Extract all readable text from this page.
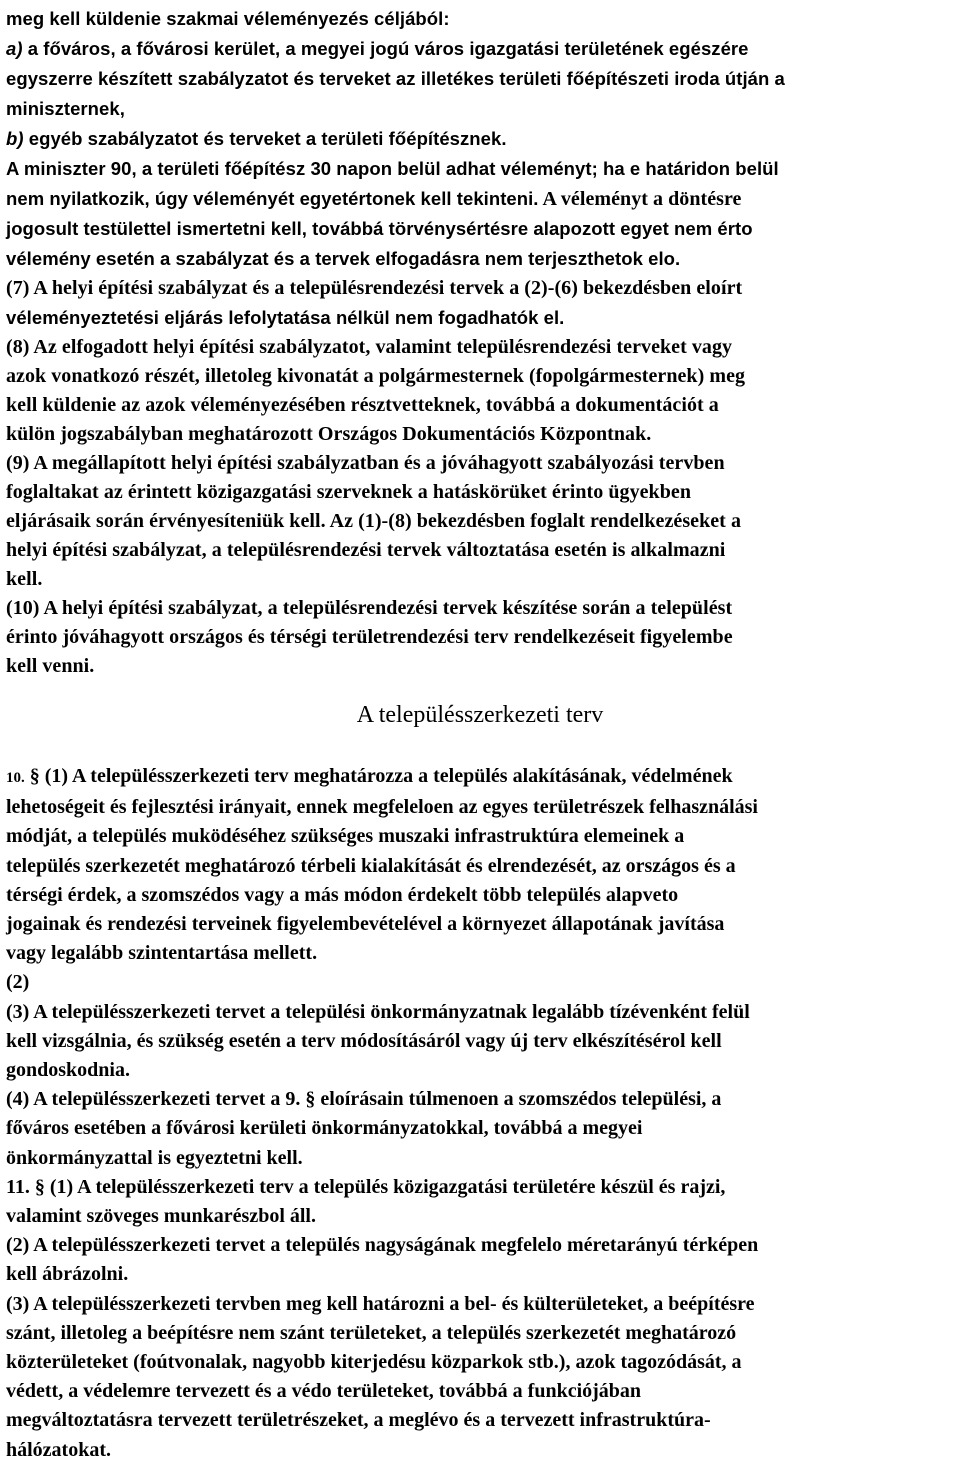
meg kell küldenie szakmai véleményezés céljából:

a) a főváros, a fővárosi kerület, a megyei jogú város igazgatási területének egészére

egyszerre készített szabályzatot és terveket az illetékes területi főépítészeti iroda útján a

miniszternek,

b) egyéb szabályzatot és terveket a területi főépítésznek.

A miniszter 90, a területi főépítész 30 napon belül adhat véleményt; ha e határidon belül

nem nyilatkozik, úgy véleményét egyetértonek kell tekinteni. A véleményt a döntésre

jogosult testülettel ismertetni kell, továbbá törvénysértésre alapozott egyet nem érto

vélemény esetén a szabályzat és a tervek elfogadásra nem terjeszthetok elo.

(7) A helyi építési szabályzat és a településrendezési tervek a (2)-(6) bekezdésben eloírt

véleményeztetési eljárás lefolytatása nélkül nem fogadhatók el.

(8) Az elfogadott helyi építési szabályzatot, valamint településrendezési terveket vagy

azok vonatkozó részét, illetoleg kivonatát a polgármesternek (fopolgármesternek) meg

kell küldenie az azok véleményezésében résztvetteknek, továbbá a dokumentációt a

külön jogszabályban meghatározott Országos Dokumentációs Központnak.

(9) A megállapított helyi építési szabályzatban és a jóváhagyott szabályozási tervben

foglaltakat az érintett közigazgatási szerveknek a hatáskörüket érinto ügyekben

eljárásaik során érvényesíteniük kell. Az (1)-(8) bekezdésben foglalt rendelkezéseket a

helyi építési szabályzat, a településrendezési tervek változtatása esetén is alkalmazni

kell.

(10) A helyi építési szabályzat, a településrendezési tervek készítése során a települést

érinto jóváhagyott országos és térségi területrendezési terv rendelkezéseit figyelembe

kell venni.

A településszerkezeti terv

10. § (1) A településszerkezeti terv meghatározza a település alakításának, védelmének

lehetoségeit és fejlesztési irányait, ennek megfeleloen az egyes területrészek felhasználási

módját, a település muködéséhez szükséges muszaki infrastruktúra elemeinek a

település szerkezetét meghatározó térbeli kialakítását és elrendezését, az országos és a

térségi érdek, a szomszédos vagy a más módon érdekelt több település alapveto

jogainak és rendezési terveinek figyelembevételével a környezet állapotának javítása

vagy legalább szintentartása mellett.

(2)

(3) A településszerkezeti tervet a települési önkormányzatnak legalább tízévenként felül

kell vizsgálnia, és szükség esetén a terv módosításáról vagy új terv elkészítésérol kell

gondoskodnia.

(4) A településszerkezeti tervet a 9. § eloírásain túlmenoen a szomszédos települési, a

főváros esetében a fővárosi kerületi önkormányzatokkal, továbbá a megyei

önkormányzattal is egyeztetni kell.

11. § (1) A településszerkezeti terv a település közigazgatási területére készül és rajzi,

valamint szöveges munkarészbol áll.

(2) A településszerkezeti tervet a település nagyságának megfelelo méretarányú térképen

kell ábrázolni.

(3) A településszerkezeti tervben meg kell határozni a bel- és külterületeket, a beépítésre

szánt, illetoleg a beépítésre nem szánt területeket, a település szerkezetét meghatározó

közterületeket (foútvonalak, nagyobb kiterjedésu közparkok stb.), azok tagozódását, a

védett, a védelemre tervezett és a védo területeket, továbbá a funkciójában

megváltoztatásra tervezett területrészeket, a meglévo és a tervezett infrastruktúra-

hálózatokat.
